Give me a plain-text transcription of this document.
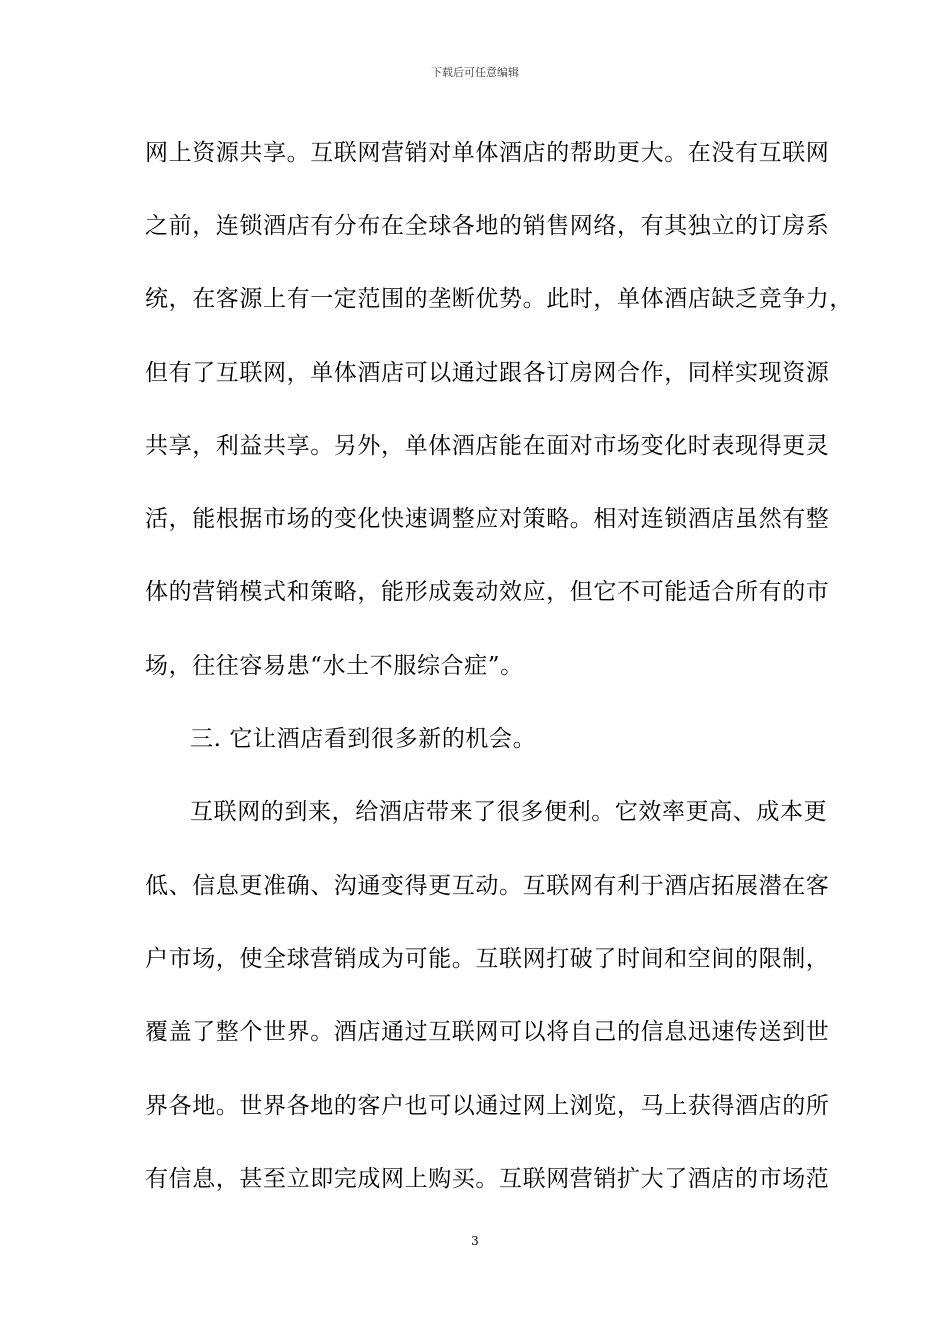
下载后可任意编辑
网上资源共享。互联网营销对单体酒店的帮助更大。在没有互联网
之前，连锁酒店有分布在全球各地的销售网络，有其独立的订房系
统，在客源上有一定范围的垄断优势。此时，单体酒店缺乏竞争力，
但有了互联网，单体酒店可以通过跟各订房网合作，同样实现资源
共享，利益共享。另外，单体酒店能在面对市场变化时表现得更灵
活，能根据市场的变化快速调整应对策略。相对连锁酒店虽然有整
体的营销模式和策略，能形成轰动效应，但它不可能适合所有的市
场，往往容易患“水土不服综合症”。
三. 它让酒店看到很多新的机会。
互联网的到来，给酒店带来了很多便利。它效率更高、成本更
低、信息更准确、沟通变得更互动。互联网有利于酒店拓展潜在客
户市场，使全球营销成为可能。互联网打破了时间和空间的限制，
覆盖了整个世界。酒店通过互联网可以将自己的信息迅速传送到世
界各地。世界各地的客户也可以通过网上浏览，马上获得酒店的所
有信息，甚至立即完成网上购买。互联网营销扩大了酒店的市场范
3
